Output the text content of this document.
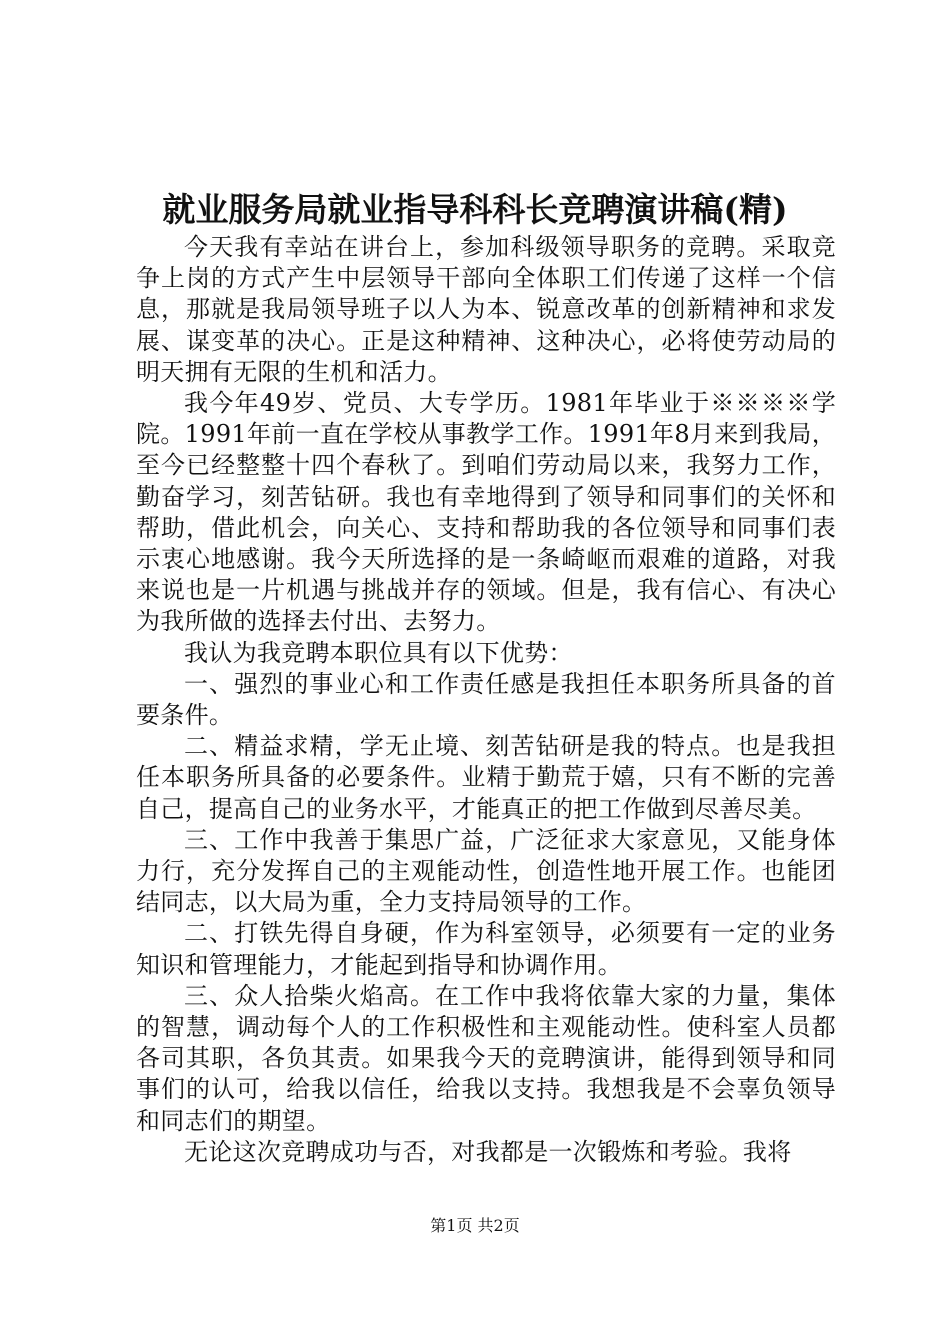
就业服务局就业指导科科长竞聘演讲稿(精)

今天我有幸站在讲台上，参加科级领导职务的竞聘。采取竞争上岗的方式产生中层领导干部向全体职工们传递了这样一个信息，那就是我局领导班子以人为本、锐意改革的创新精神和求发展、谋变革的决心。正是这种精神、这种决心，必将使劳动局的明天拥有无限的生机和活力。

我今年49岁、党员、大专学历。1981年毕业于※※※※学院。1991年前一直在学校从事教学工作。1991年8月来到我局，至今已经整整十四个春秋了。到咱们劳动局以来，我努力工作，勤奋学习，刻苦钻研。我也有幸地得到了领导和同事们的关怀和帮助，借此机会，向关心、支持和帮助我的各位领导和同事们表示衷心地感谢。我今天所选择的是一条崎岖而艰难的道路，对我来说也是一片机遇与挑战并存的领域。但是，我有信心、有决心为我所做的选择去付出、去努力。

我认为我竞聘本职位具有以下优势：

一、强烈的事业心和工作责任感是我担任本职务所具备的首要条件。

二、精益求精，学无止境、刻苦钻研是我的特点。也是我担任本职务所具备的必要条件。业精于勤荒于嬉，只有不断的完善自己，提高自己的业务水平，才能真正的把工作做到尽善尽美。

三、工作中我善于集思广益，广泛征求大家意见，又能身体力行，充分发挥自己的主观能动性，创造性地开展工作。也能团结同志，以大局为重，全力支持局领导的工作。

二、打铁先得自身硬，作为科室领导，必须要有一定的业务知识和管理能力，才能起到指导和协调作用。

三、众人拾柴火焰高。在工作中我将依靠大家的力量，集体的智慧，调动每个人的工作积极性和主观能动性。使科室人员都各司其职，各负其责。如果我今天的竞聘演讲，能得到领导和同事们的认可，给我以信任，给我以支持。我想我是不会辜负领导和同志们的期望。

无论这次竞聘成功与否，对我都是一次锻炼和考验。我将

第1页 共2页
